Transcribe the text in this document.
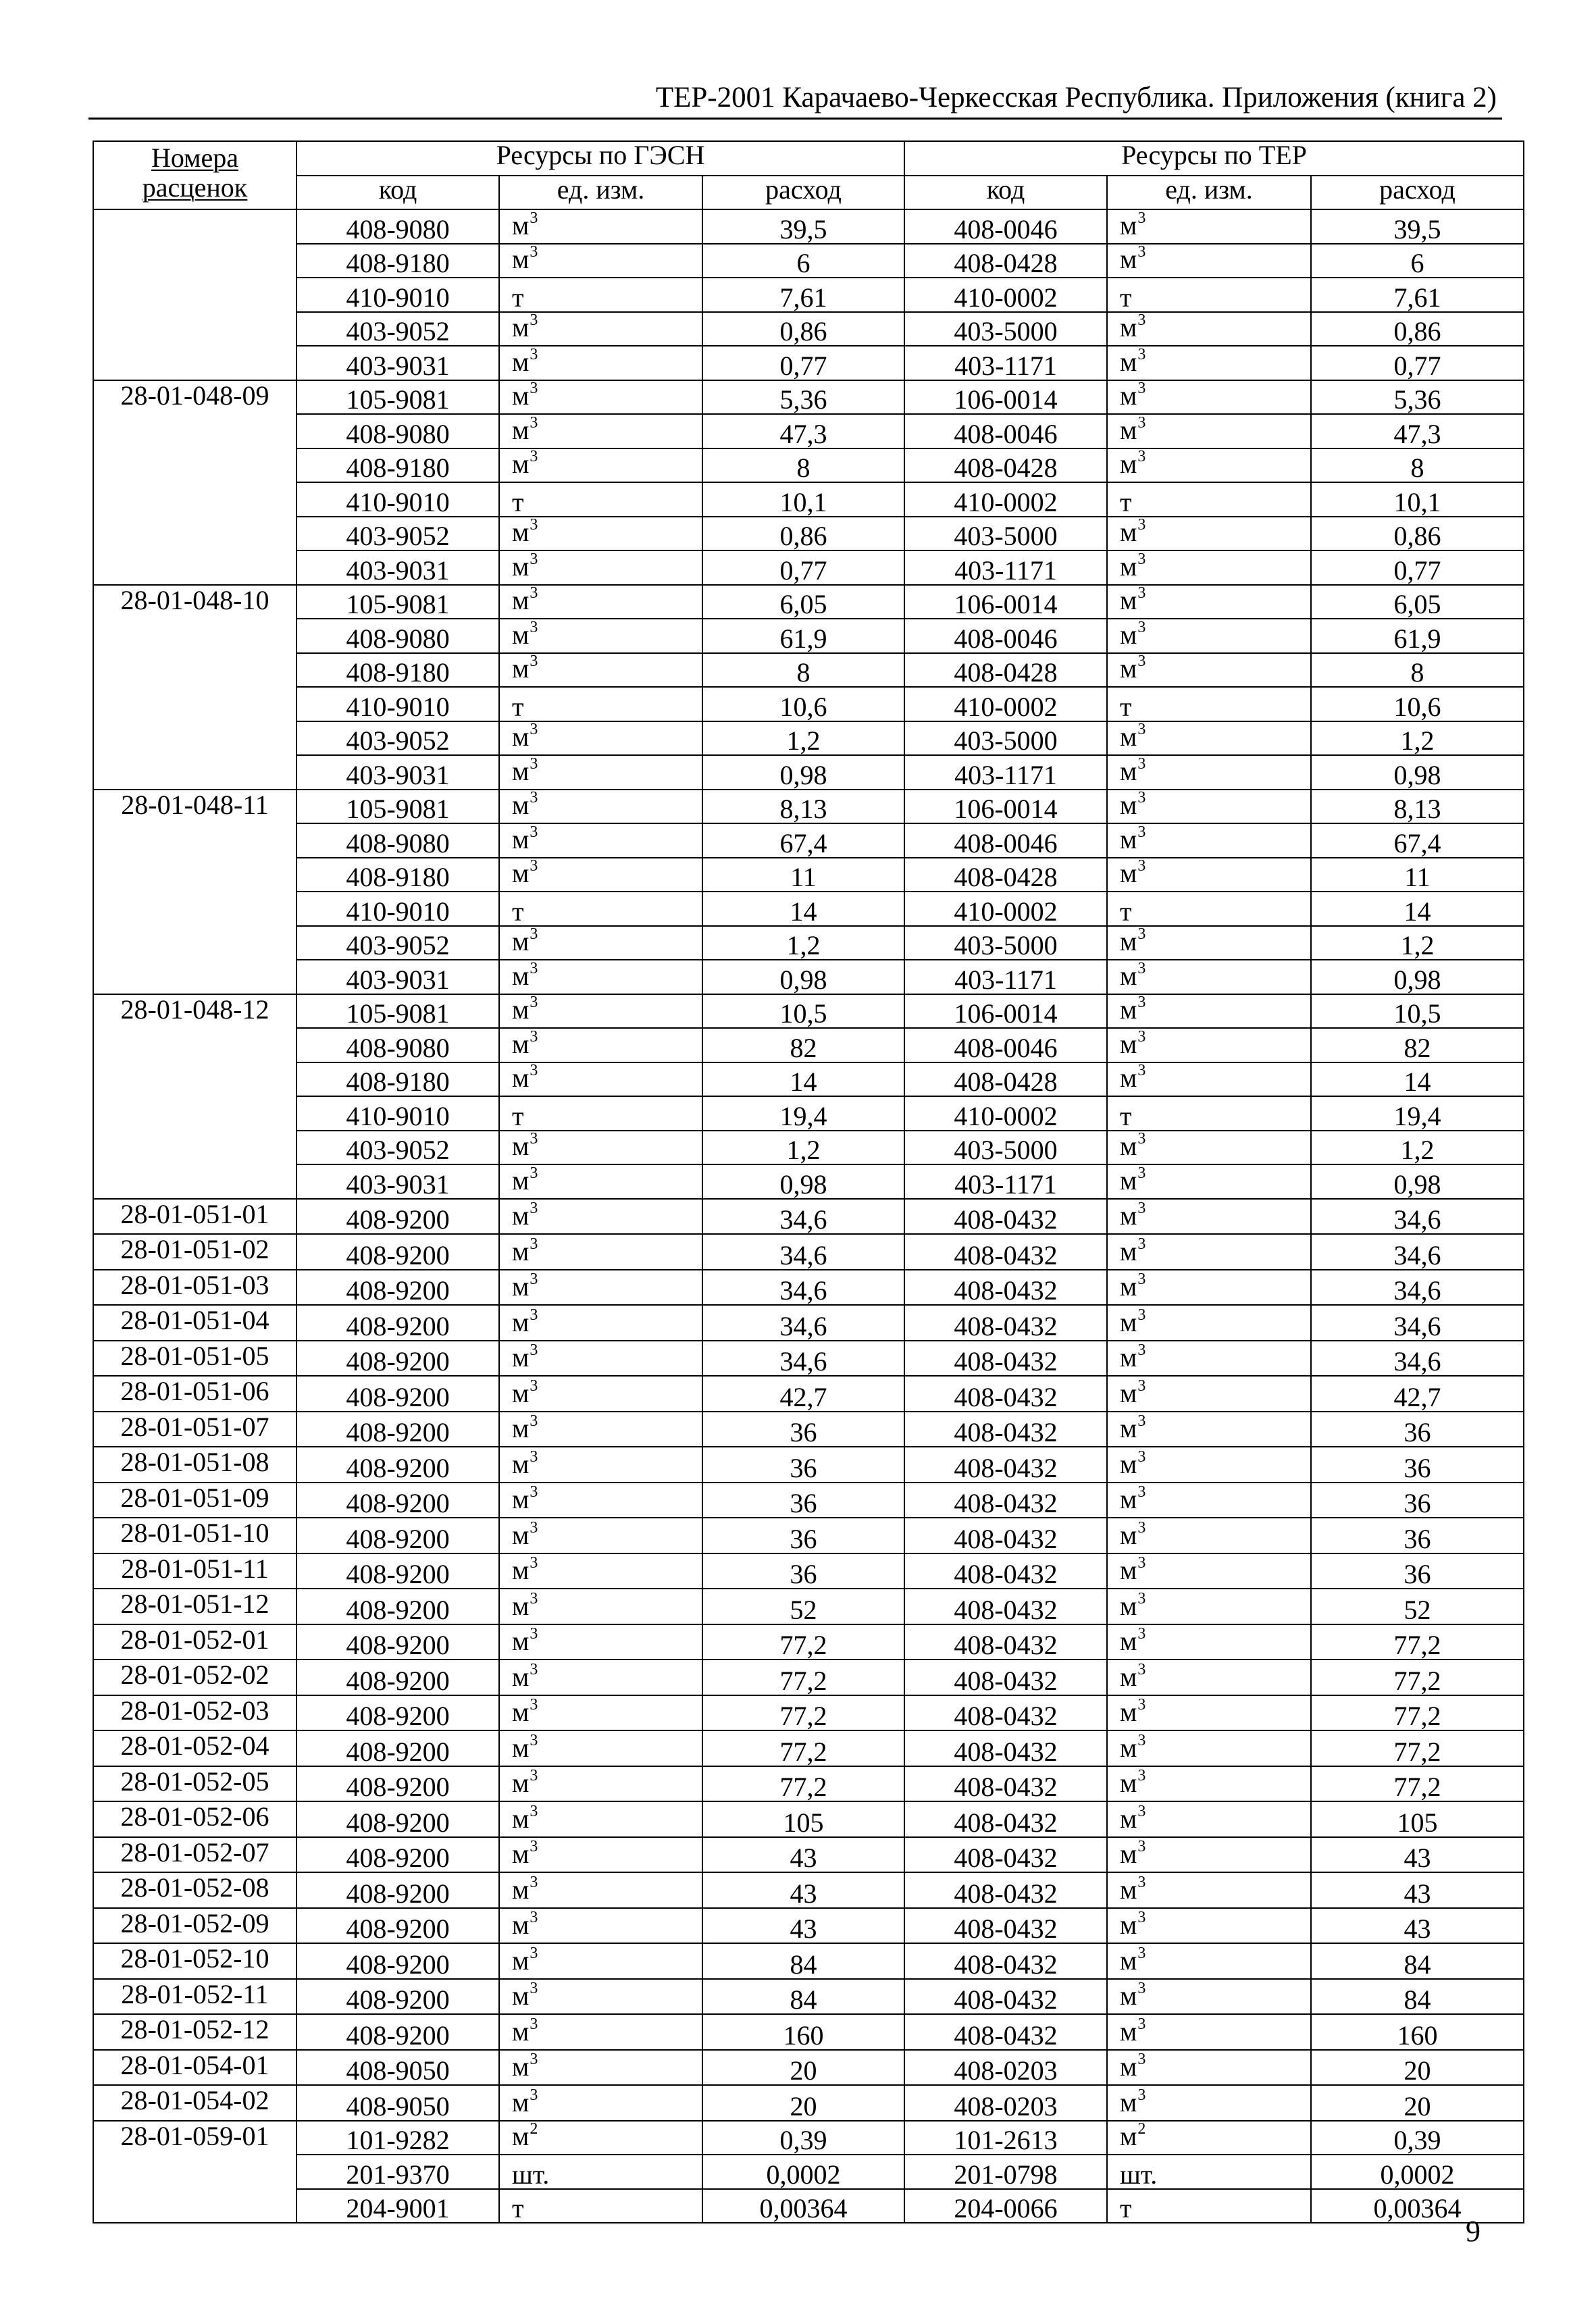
ТЕР-2001 Карачаево-Черкесская Республика. Приложения (книга 2)
Номера расценок	Ресурсы по ГЭСН			Ресурсы по ТЕР		
	код	ед. изм.	расход	код	ед. изм.	расход
	408-9080	$м^3$	39,5	408-0046	$м^3$	39,5
	408-9180	$м^3$	6	408-0428	$м^3$	6
	410-9010	т	7,61	410-0002	т	7,61
	403-9052	$м^3$	0,86	403-5000	$м^3$	0,86
	403-9031	$м^3$	0,77	403-1171	$м^3$	0,77
28-01-048-09	105-9081	$м^3$	5,36	106-0014	$м^3$	5,36
	408-9080	$м^3$	47,3	408-0046	$м^3$	47,3
	408-9180	$м^3$	8	408-0428	$м^3$	8
	410-9010	т	10,1	410-0002	т	10,1
	403-9052	$м^3$	0,86	403-5000	$м^3$	0,86
	403-9031	$м^3$	0,77	403-1171	$м^3$	0,77
28-01-048-10	105-9081	$м^3$	6,05	106-0014	$м^3$	6,05
	408-9080	$м^3$	61,9	408-0046	$м^3$	61,9
	408-9180	$м^3$	8	408-0428	$м^3$	8
	410-9010	т	10,6	410-0002	т	10,6
	403-9052	$м^3$	1,2	403-5000	$м^3$	1,2
	403-9031	$м^3$	0,98	403-1171	$м^3$	0,98
28-01-048-11	105-9081	$м^3$	8,13	106-0014	$м^3$	8,13
	408-9080	$м^3$	67,4	408-0046	$м^3$	67,4
	408-9180	$м^3$	11	408-0428	$м^3$	11
	410-9010	т	14	410-0002	т	14
	403-9052	$м^3$	1,2	403-5000	$м^3$	1,2
	403-9031	$м^3$	0,98	403-1171	$м^3$	0,98
28-01-048-12	105-9081	$м^3$	10,5	106-0014	$м^3$	10,5
	408-9080	$м^3$	82	408-0046	$м^3$	82
	408-9180	$м^3$	14	408-0428	$м^3$	14
	410-9010	т	19,4	410-0002	т	19,4
	403-9052	$м^3$	1,2	403-5000	$м^3$	1,2
	403-9031	$м^3$	0,98	403-1171	$м^3$	0,98
28-01-051-01	408-9200	$м^3$	34,6	408-0432	$м^3$	34,6
28-01-051-02	408-9200	$м^3$	34,6	408-0432	$м^3$	34,6
28-01-051-03	408-9200	$м^3$	34,6	408-0432	$м^3$	34,6
28-01-051-04	408-9200	$м^3$	34,6	408-0432	$м^3$	34,6
28-01-051-05	408-9200	$м^3$	34,6	408-0432	$м^3$	34,6
28-01-051-06	408-9200	$м^3$	42,7	408-0432	$м^3$	42,7
28-01-051-07	408-9200	$м^3$	36	408-0432	$м^3$	36
28-01-051-08	408-9200	$м^3$	36	408-0432	$м^3$	36
28-01-051-09	408-9200	$м^3$	36	408-0432	$м^3$	36
28-01-051-10	408-9200	$м^3$	36	408-0432	$м^3$	36
28-01-051-11	408-9200	$м^3$	36	408-0432	$м^3$	36
28-01-051-12	408-9200	$м^3$	52	408-0432	$м^3$	52
28-01-052-01	408-9200	$м^3$	77,2	408-0432	$м^3$	77,2
28-01-052-02	408-9200	$м^3$	77,2	408-0432	$м^3$	77,2
28-01-052-03	408-9200	$м^3$	77,2	408-0432	$м^3$	77,2
28-01-052-04	408-9200	$м^3$	77,2	408-0432	$м^3$	77,2
28-01-052-05	408-9200	$м^3$	77,2	408-0432	$м^3$	77,2
28-01-052-06	408-9200	$м^3$	105	408-0432	$м^3$	105
28-01-052-07	408-9200	$м^3$	43	408-0432	$м^3$	43
28-01-052-08	408-9200	$м^3$	43	408-0432	$м^3$	43
28-01-052-09	408-9200	$м^3$	43	408-0432	$м^3$	43
28-01-052-10	408-9200	$м^3$	84	408-0432	$м^3$	84
28-01-052-11	408-9200	$м^3$	84	408-0432	$м^3$	84
28-01-052-12	408-9200	$м^3$	160	408-0432	$м^3$	160
28-01-054-01	408-9050	$м^3$	20	408-0203	$м^3$	20
28-01-054-02	408-9050	$м^3$	20	408-0203	$м^3$	20
28-01-059-01	101-9282	$м^2$	0,39	101-2613	$м^2$	0,39
	201-9370	шт.	0,0002	201-0798	шт.	0,0002
	204-9001	т	0,00364	204-0066	т	0,00364
9
